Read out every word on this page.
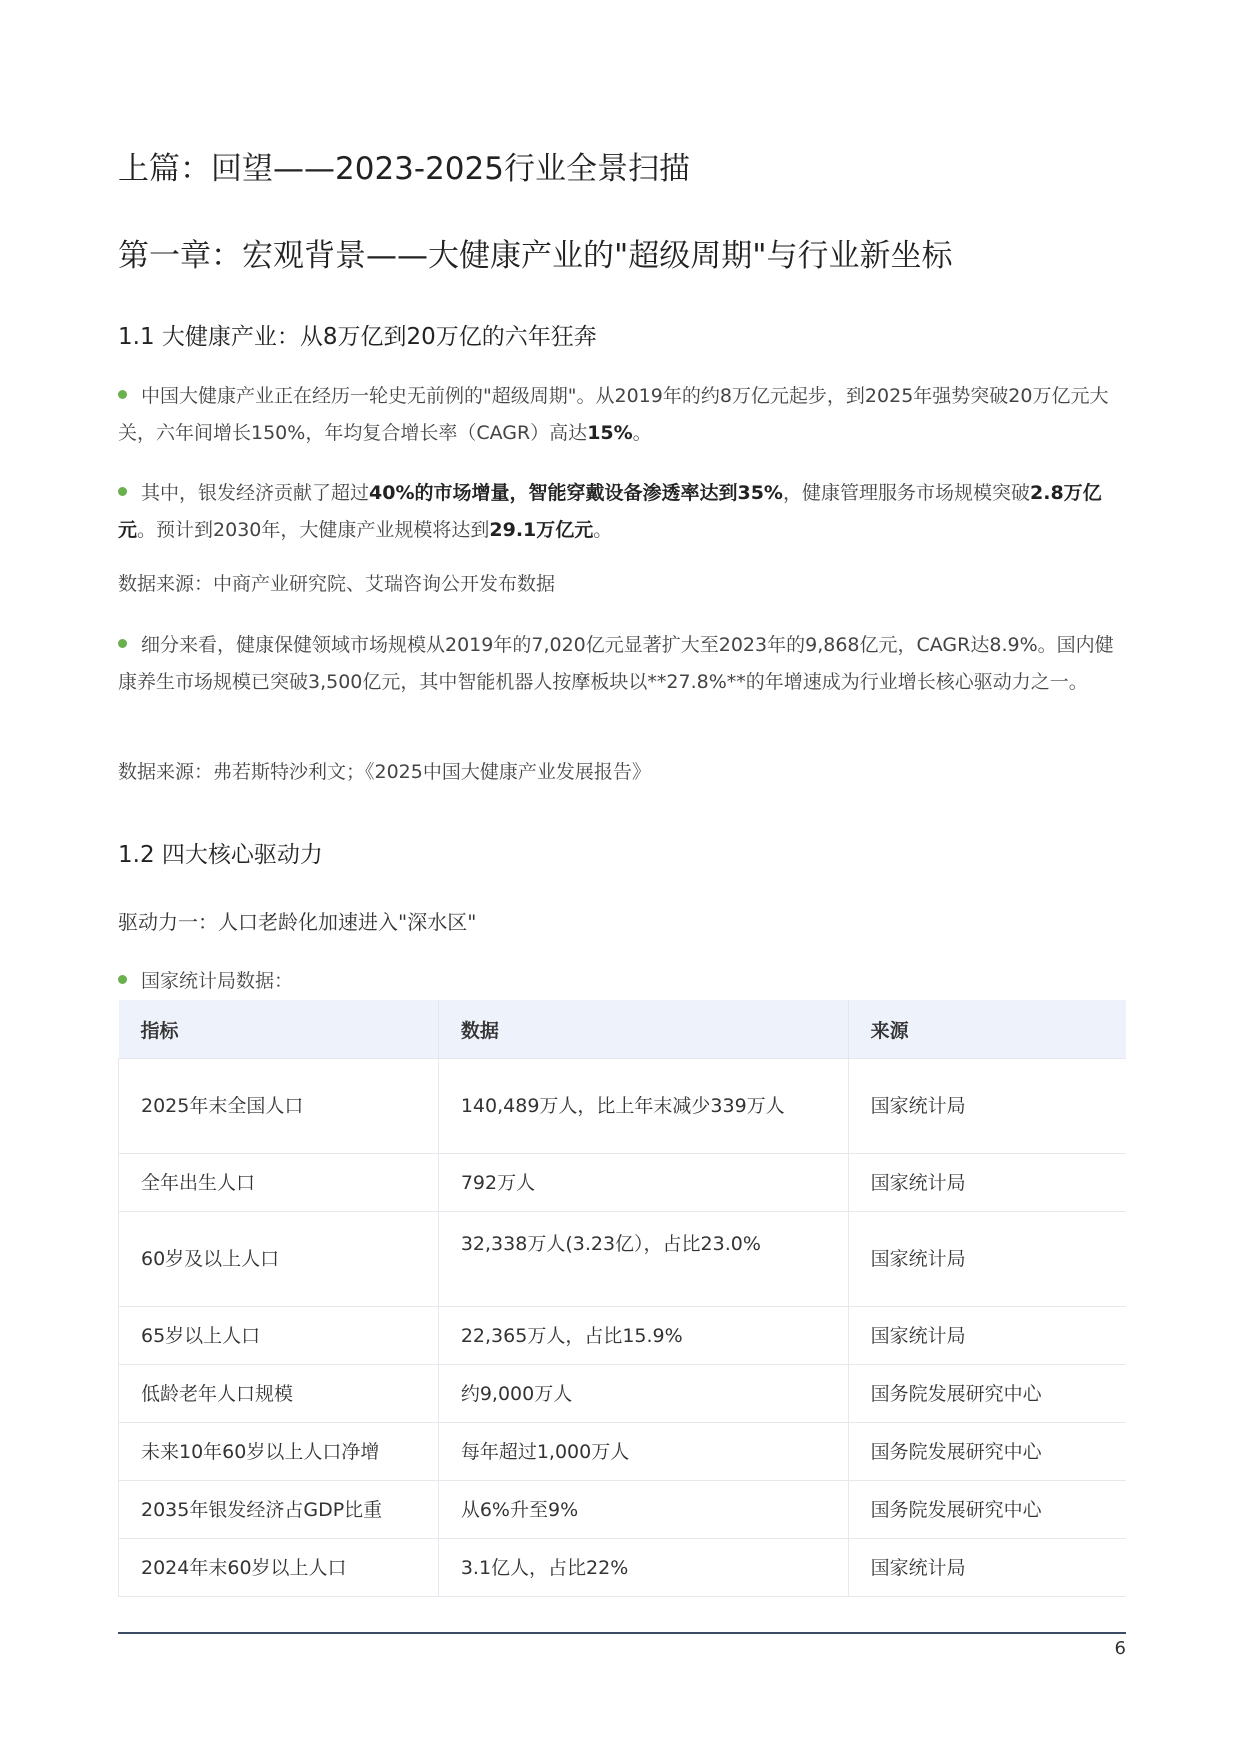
上篇：回望——2023-2025行业全景扫描
第一章：宏观背景——大健康产业的"超级周期"与行业新坐标
1.1 大健康产业：从8万亿到20万亿的六年狂奔
中国大健康产业正在经历一轮史无前例的"超级周期"。从2019年的约8万亿元起步，到2025年强势突破20万亿元大关，六年间增长150%，年均复合增长率（CAGR）高达15%。
其中，银发经济贡献了超过40%的市场增量，智能穿戴设备渗透率达到35%，健康管理服务市场规模突破2.8万亿元。预计到2030年，大健康产业规模将达到29.1万亿元。
数据来源：中商产业研究院、艾瑞咨询公开发布数据
细分来看，健康保健领域市场规模从2019年的7,020亿元显著扩大至2023年的9,868亿元，CAGR达8.9%。国内健康养生市场规模已突破3,500亿元，其中智能机器人按摩板块以**27.8%**的年增速成为行业增长核心驱动力之一。
数据来源：弗若斯特沙利文；《2025中国大健康产业发展报告》
1.2 四大核心驱动力
驱动力一：人口老龄化加速进入"深水区"
国家统计局数据：
指标	数据	来源
2025年末全国人口	140,489万人，比上年末减少339万人	国家统计局
全年出生人口	792万人	国家统计局
60岁及以上人口	32,338万人(3.23亿），占比23.0%	国家统计局
65岁以上人口	22,365万人，占比15.9%	国家统计局
低龄老年人口规模	约9,000万人	国务院发展研究中心
未来10年60岁以上人口净增	每年超过1,000万人	国务院发展研究中心
2035年银发经济占GDP比重	从6%升至9%	国务院发展研究中心
2024年末60岁以上人口	3.1亿人，占比22%	国家统计局
6
